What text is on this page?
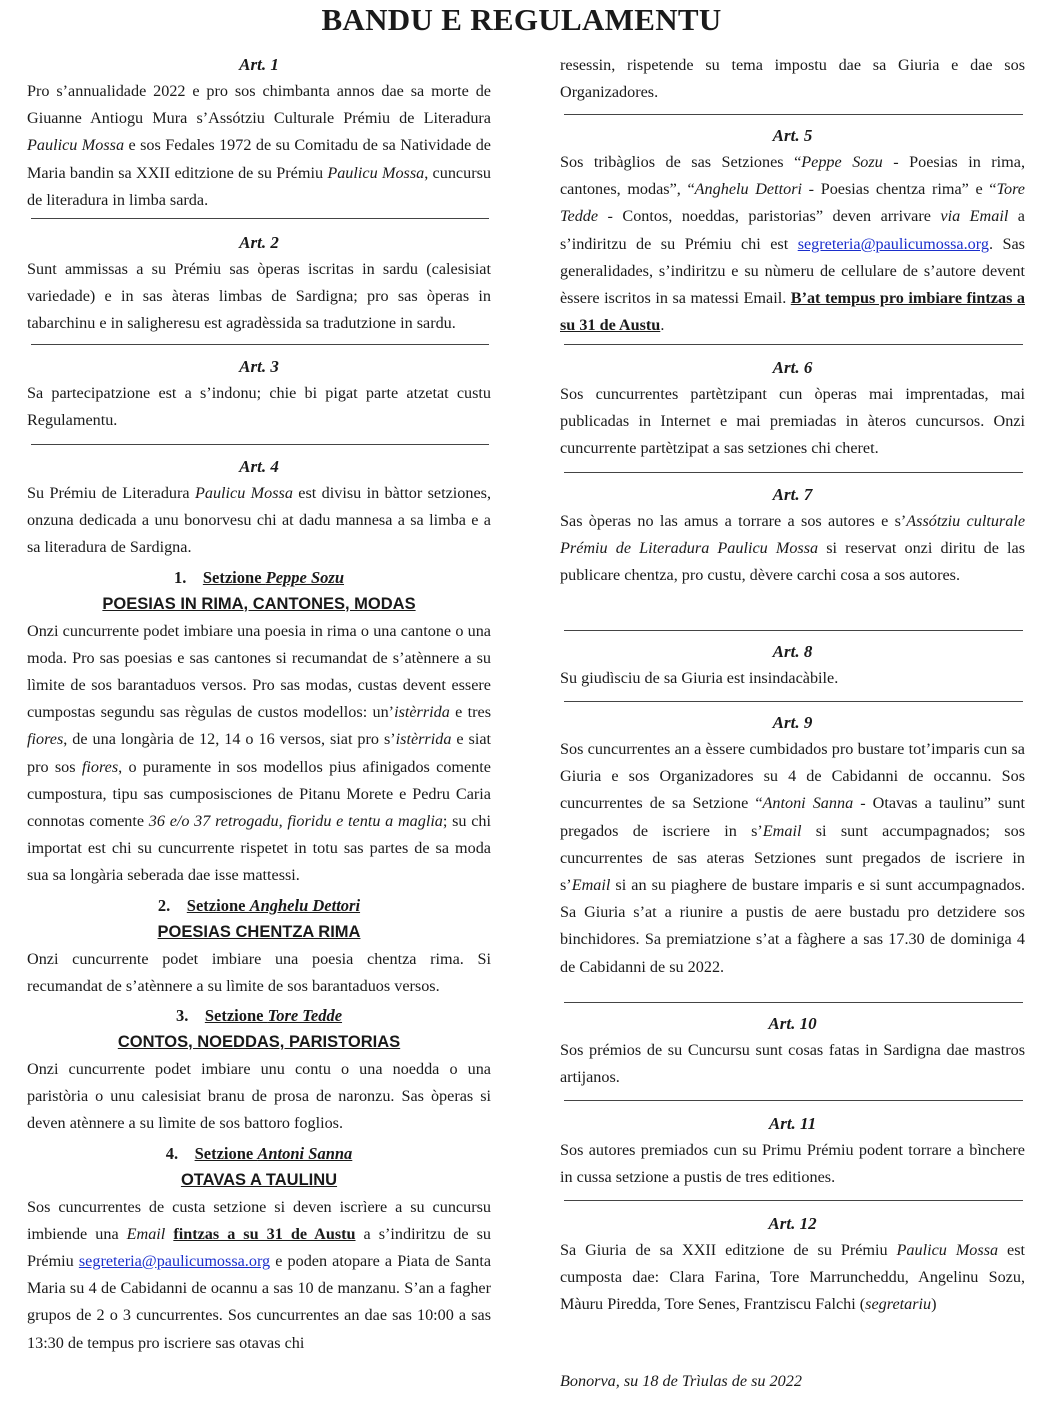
BANDU E REGULAMENTU
Art. 1

Pro s’annualidade 2022 e pro sos chimbanta annos dae sa morte de Giuanne Antiogu Mura s’Assótziu Culturale Prémiu de Literadura Paulicu Mossa e sos Fedales 1972 de su Comitadu de sa Natividade de Maria bandin sa XXII editzione de su Prémiu Paulicu Mossa, cuncursu de literadura in limba sarda.

Art. 2

Sunt ammissas a su Prémiu sas òperas iscritas in sardu (calesisiat variedade) e in sas àteras limbas de Sardigna; pro sas òperas in tabarchinu e in saligheresu est agradèssida sa tradutzione in sardu.

Art. 3

Sa partecipatzione est a s’indonu; chie bi pigat parte atzetat custu Regulamentu.

Art. 4

Su Prémiu de Literadura Paulicu Mossa est divisu in bàttor setziones, onzuna dedicada a unu bonorvesu chi at dadu mannesa a sa limba e a sa literadura de Sardigna.

1. Setzione Peppe Sozu
POESIAS IN RIMA, CANTONES, MODAS

Onzi cuncurrente podet imbiare una poesia in rima o una cantone o una moda. Pro sas poesias e sas cantones si recumandat de s’atènnere a su lìmite de sos barantaduos versos. Pro sas modas, custas devent essere cumpostas segundu sas règulas de custos modellos: un’istèrrida e tres fiores, de una longària de 12, 14 o 16 versos, siat pro s’istèrrida e siat pro sos fiores, o puramente in sos modellos pius afinigados comente cumpostura, tipu sas cumposisciones de Pitanu Morete e Pedru Caria connotas comente 36 e/o 37 retrogadu, fioridu e tentu a maglia; su chi importat est chi su cuncurrente rispetet in totu sas partes de sa moda sua sa longària seberada dae isse mattessi.

2. Setzione Anghelu Dettori
POESIAS CHENTZA RIMA

Onzi cuncurrente podet imbiare una poesia chentza rima. Si recumandat de s’atènnere a su lìmite de sos barantaduos versos.

3. Setzione Tore Tedde
CONTOS, NOEDDAS, PARISTORIAS

Onzi cuncurrente podet imbiare unu contu o una noedda o una paristòria o unu calesisiat branu de prosa de naronzu. Sas òperas si deven atènnere a su lìmite de sos battoro foglios.

4. Setzione Antoni Sanna
OTAVAS A TAULINU

Sos cuncurrentes de custa setzione si deven iscrìere a su cuncursu imbiende una Email fintzas a su 31 de Austu a s’indiritzu de su Prémiu segreteria@paulicumossa.org e poden atopare a Piata de Santa Maria su 4 de Cabidanni de ocannu a sas 10 de manzanu. S’an a fagher grupos de 2 o 3 cuncurrentes. Sos cuncurrentes an dae sas 10:00 a sas 13:30 de tempus pro iscriere sas otavas chi

resessin, rispetende su tema impostu dae sa Giuria e dae sos Organizadores.

Art. 5

Sos tribàglios de sas Setziones “Peppe Sozu - Poesias in rima, cantones, modas”, “Anghelu Dettori - Poesias chentza rima” e “Tore Tedde - Contos, noeddas, paristorias” deven arrivare via Email a s’indiritzu de su Prémiu chi est segreteria@paulicumossa.org. Sas generalidades, s’indiritzu e su nùmeru de cellulare de s’autore devent èssere iscritos in sa matessi Email. B’at tempus pro imbiare fintzas a su 31 de Austu.

Art. 6

Sos cuncurrentes partètzipant cun òperas mai imprentadas, mai publicadas in Internet e mai premiadas in àteros cuncursos. Onzi cuncurrente partètzipat a sas setziones chi cheret.

Art. 7

Sas òperas no las amus a torrare a sos autores e s’Assótziu culturale Prémiu de Literadura Paulicu Mossa si reservat onzi diritu de las publicare chentza, pro custu, dèvere carchi cosa a sos autores.

Art. 8

Su giudìsciu de sa Giuria est insindacàbile.

Art. 9

Sos cuncurrentes an a èssere cumbidados pro bustare tot’imparis cun sa Giuria e sos Organizadores su 4 de Cabidanni de occannu. Sos cuncurrentes de sa Setzione “Antoni Sanna - Otavas a taulinu” sunt pregados de iscriere in s’Email si sunt accumpagnados; sos cuncurrentes de sas ateras Setziones sunt pregados de iscriere in s’Email si an su piaghere de bustare imparis e si sunt accumpagnados. Sa Giuria s’at a riunire a pustis de aere bustadu pro detzidere sos binchidores. Sa premiatzione s’at a fàghere a sas 17.30 de dominiga 4 de Cabidanni de su 2022.

Art. 10

Sos prémios de su Cuncursu sunt cosas fatas in Sardigna dae mastros artijanos.

Art. 11

Sos autores premiados cun su Primu Prémiu podent torrare a bìnchere in cussa setzione a pustis de tres editiones.

Art. 12

Sa Giuria de sa XXII editzione de su Prémiu Paulicu Mossa est cumposta dae: Clara Farina, Tore Marruncheddu, Angelinu Sozu, Màuru Piredda, Tore Senes, Frantziscu Falchi (segretariu)

Bonorva, su 18 de Trìulas de su 2022
